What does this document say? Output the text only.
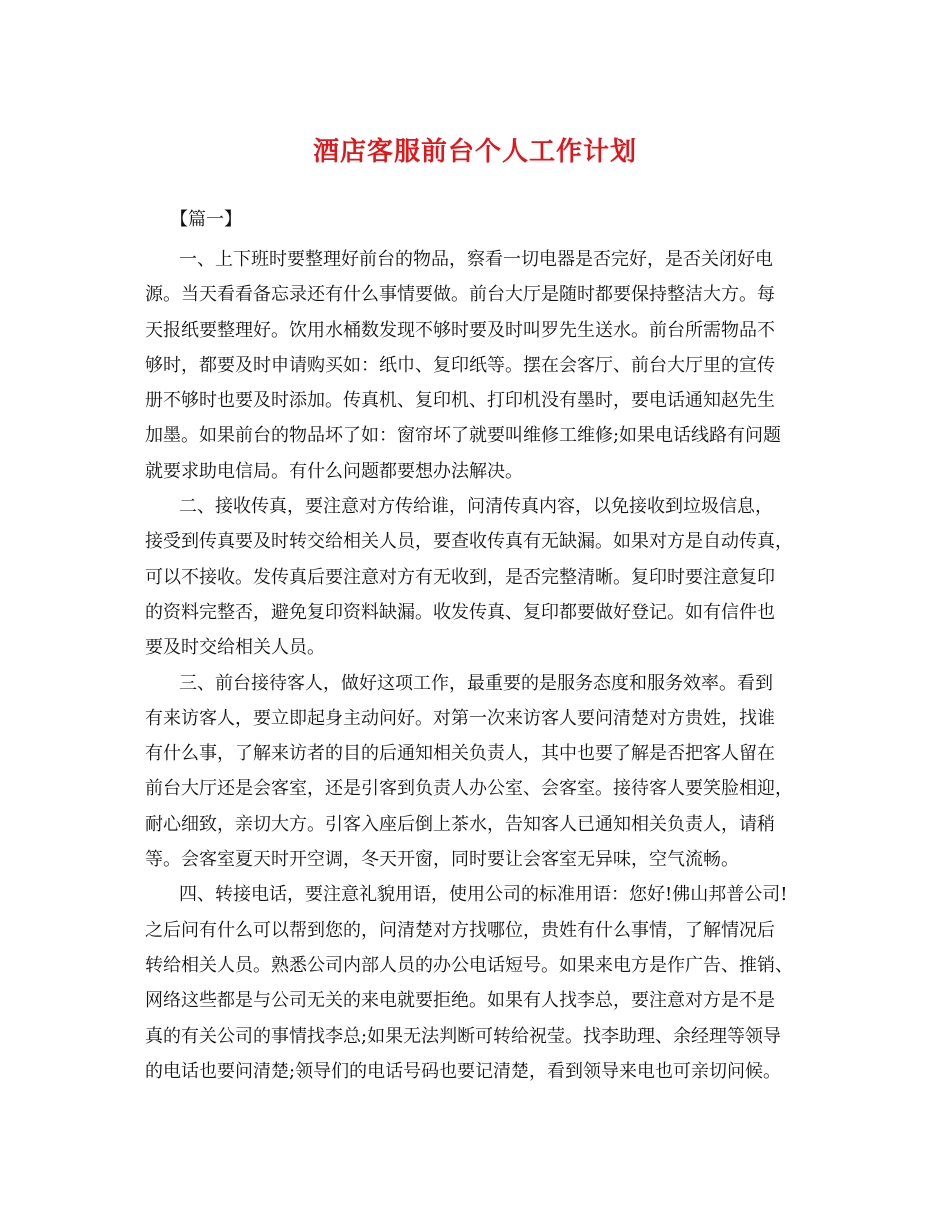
酒店客服前台个人工作计划
【篇一】
一、上下班时要整理好前台的物品，察看一切电器是否完好，是否关闭好电
源。当天看看备忘录还有什么事情要做。前台大厅是随时都要保持整洁大方。每
天报纸要整理好。饮用水桶数发现不够时要及时叫罗先生送水。前台所需物品不
够时，都要及时申请购买如：纸巾、复印纸等。摆在会客厅、前台大厅里的宣传
册不够时也要及时添加。传真机、复印机、打印机没有墨时，要电话通知赵先生
加墨。如果前台的物品坏了如：窗帘坏了就要叫维修工维修;如果电话线路有问题
就要求助电信局。有什么问题都要想办法解决。
二、接收传真，要注意对方传给谁，问清传真内容，以免接收到垃圾信息，
接受到传真要及时转交给相关人员，要查收传真有无缺漏。如果对方是自动传真，
可以不接收。发传真后要注意对方有无收到，是否完整清晰。复印时要注意复印
的资料完整否，避免复印资料缺漏。收发传真、复印都要做好登记。如有信件也
要及时交给相关人员。
三、前台接待客人，做好这项工作，最重要的是服务态度和服务效率。看到
有来访客人，要立即起身主动问好。对第一次来访客人要问清楚对方贵姓，找谁
有什么事，了解来访者的目的后通知相关负责人，其中也要了解是否把客人留在
前台大厅还是会客室，还是引客到负责人办公室、会客室。接待客人要笑脸相迎，
耐心细致，亲切大方。引客入座后倒上茶水，告知客人已通知相关负责人，请稍
等。会客室夏天时开空调，冬天开窗，同时要让会客室无异味，空气流畅。
四、转接电话，要注意礼貌用语，使用公司的标准用语：您好!佛山邦普公司!
之后问有什么可以帮到您的，问清楚对方找哪位，贵姓有什么事情，了解情况后
转给相关人员。熟悉公司内部人员的办公电话短号。如果来电方是作广告、推销、
网络这些都是与公司无关的来电就要拒绝。如果有人找李总，要注意对方是不是
真的有关公司的事情找李总;如果无法判断可转给祝莹。找李助理、余经理等领导
的电话也要问清楚;领导们的电话号码也要记清楚，看到领导来电也可亲切问候。
